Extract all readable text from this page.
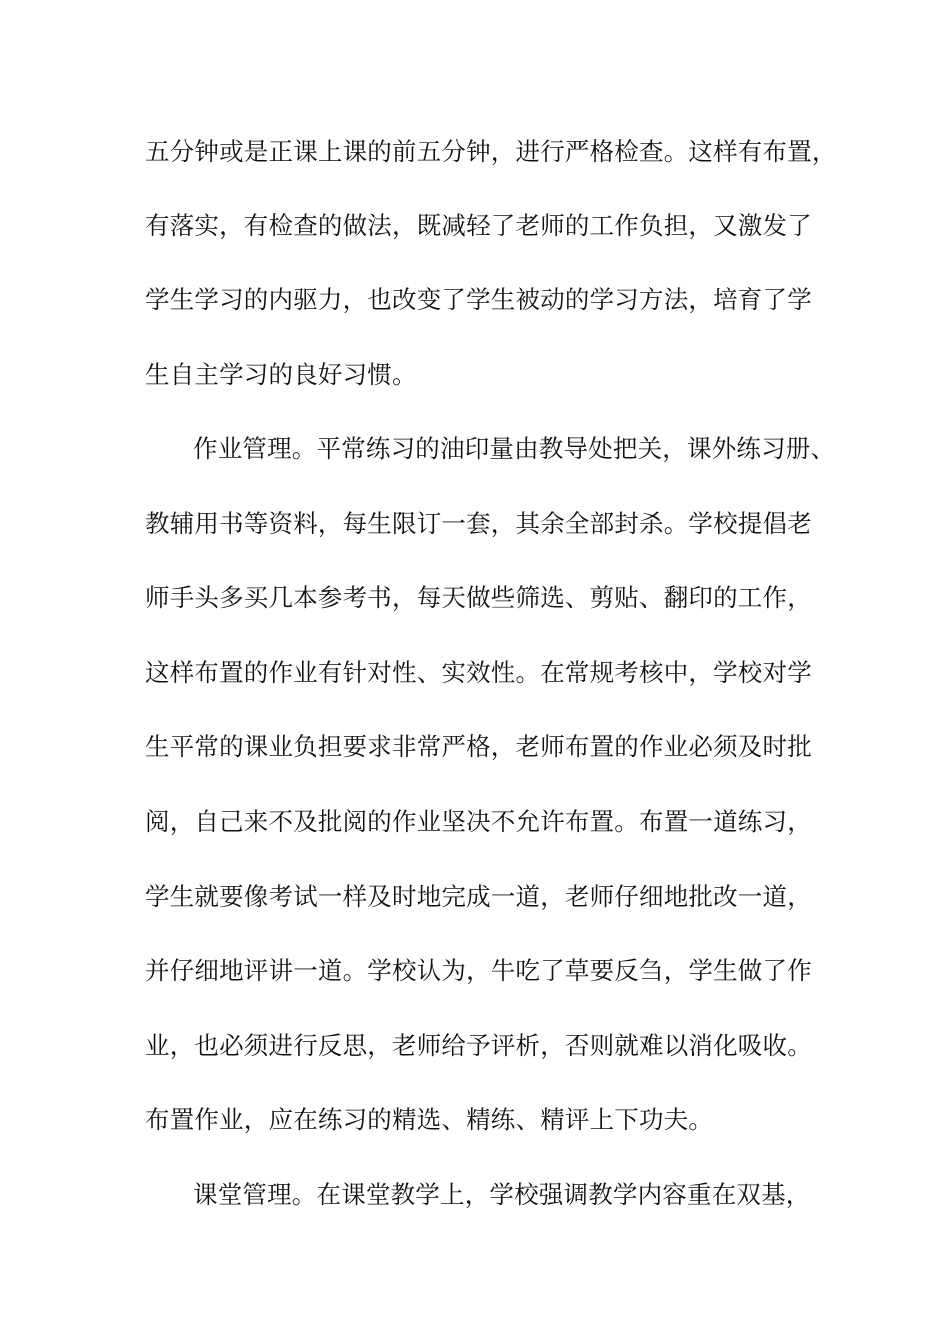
五分钟或是正课上课的前五分钟，进行严格检查。这样有布置，
有落实，有检查的做法，既减轻了老师的工作负担，又激发了
学生学习的内驱力，也改变了学生被动的学习方法，培育了学
生自主学习的良好习惯。
作业管理。平常练习的油印量由教导处把关，课外练习册、
教辅用书等资料，每生限订一套，其余全部封杀。学校提倡老
师手头多买几本参考书，每天做些筛选、剪贴、翻印的工作，
这样布置的作业有针对性、实效性。在常规考核中，学校对学
生平常的课业负担要求非常严格，老师布置的作业必须及时批
阅，自己来不及批阅的作业坚决不允许布置。布置一道练习，
学生就要像考试一样及时地完成一道，老师仔细地批改一道，
并仔细地评讲一道。学校认为，牛吃了草要反刍，学生做了作
业，也必须进行反思，老师给予评析，否则就难以消化吸收。
布置作业，应在练习的精选、精练、精评上下功夫。
课堂管理。在课堂教学上，学校强调教学内容重在双基，
